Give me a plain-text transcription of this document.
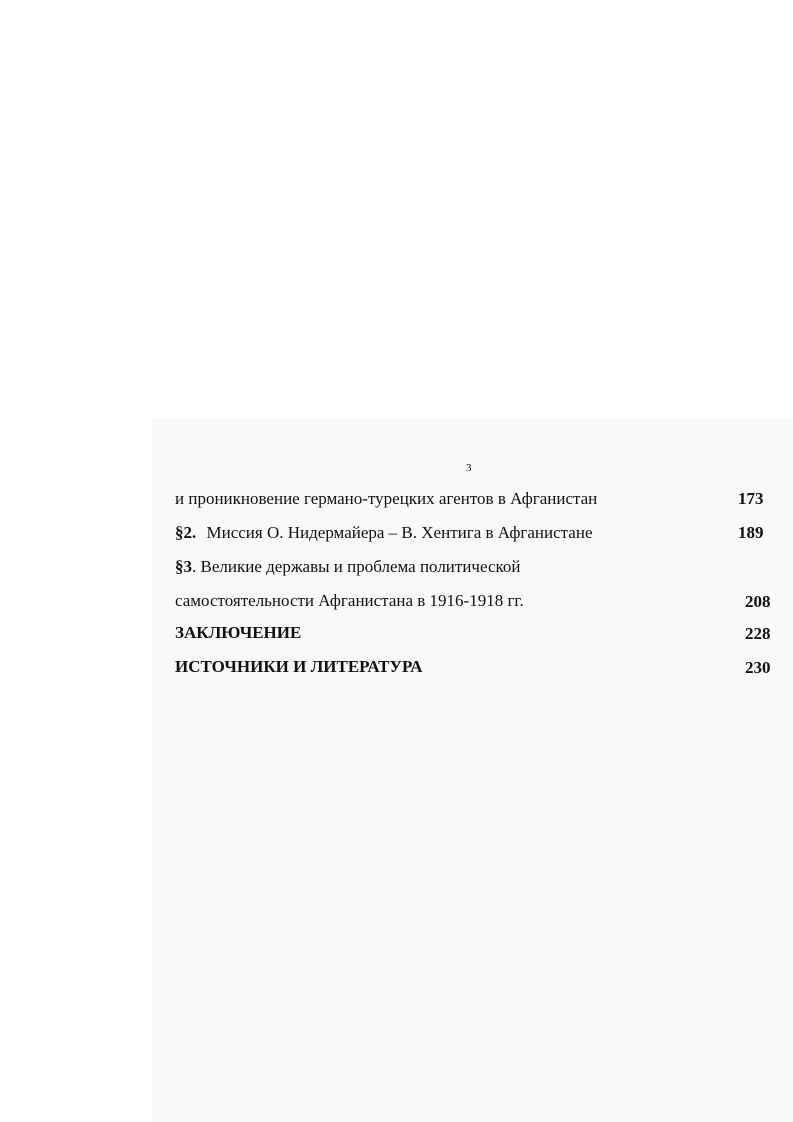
3
и проникновение германо-турецких агентов в Афганистан	173
§2. Миссия О. Нидермайера – В. Хентига в Афганистане	189
§3. Великие державы и проблема политической
самостоятельности Афганистана в 1916-1918 гг.	208
ЗАКЛЮЧЕНИЕ	228
ИСТОЧНИКИ И ЛИТЕРАТУРА	230
